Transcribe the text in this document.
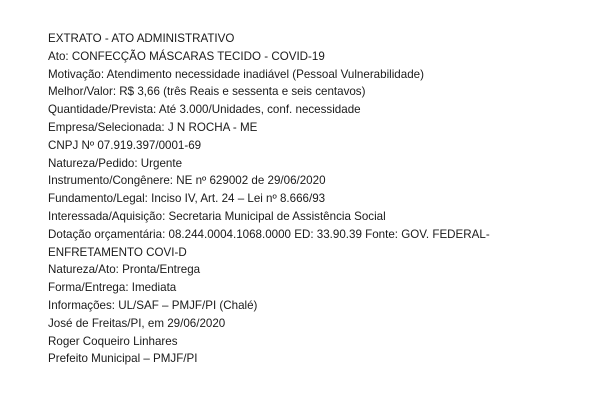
EXTRATO - ATO ADMINISTRATIVO
Ato: CONFECÇÃO MÁSCARAS TECIDO - COVID-19
Motivação: Atendimento necessidade inadiável (Pessoal Vulnerabilidade)
Melhor/Valor: R$ 3,66 (três Reais e sessenta e seis centavos)
Quantidade/Prevista: Até 3.000/Unidades, conf. necessidade
Empresa/Selecionada: J N ROCHA - ME
CNPJ Nº 07.919.397/0001-69
Natureza/Pedido: Urgente
Instrumento/Congênere: NE nº 629002 de 29/06/2020
Fundamento/Legal: Inciso IV, Art. 24 – Lei nº 8.666/93
Interessada/Aquisição: Secretaria Municipal de Assistência Social
Dotação orçamentária: 08.244.0004.1068.0000 ED: 33.90.39 Fonte: GOV. FEDERAL-
ENFRETAMENTO COVI-D
Natureza/Ato: Pronta/Entrega
Forma/Entrega: Imediata
Informações: UL/SAF – PMJF/PI (Chalé)
José de Freitas/PI, em 29/06/2020
Roger Coqueiro Linhares
Prefeito Municipal – PMJF/PI
